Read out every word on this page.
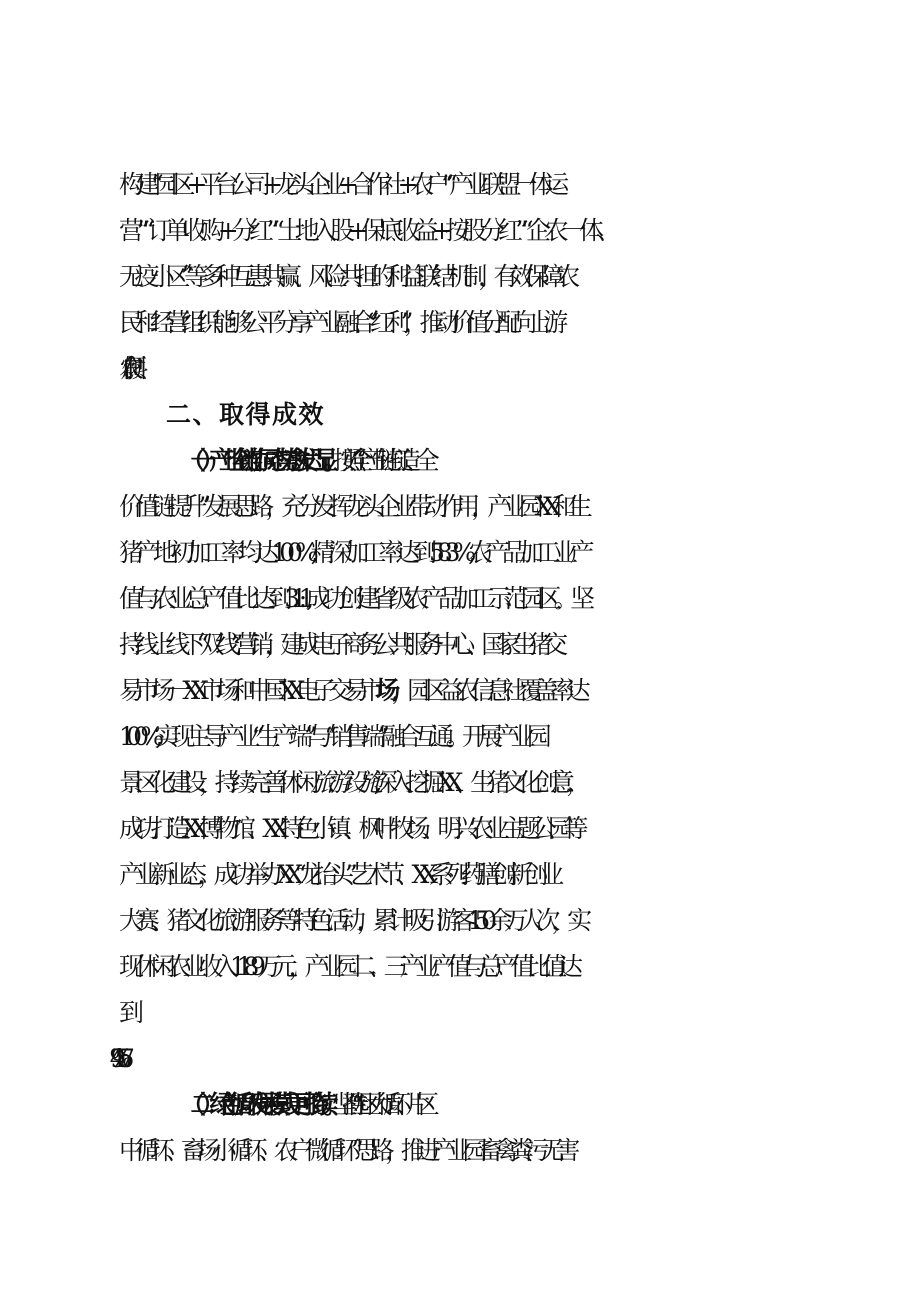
构建“园区+平台公司+龙头企业+合作社+农户”“产业联盟一体运
营”“订单收购+分红”“土地入股+保底收益+按股分红”“企农一体、
无疫小区”等多种互惠共赢、风险共担的利益联结机制，有效保障农
民和经营组织能够公平分享产业融合“红利”，推动价值分配向上游
农户倾斜。
二、取得成效
（一）产业全链协同态势愈发凸显。按照“全产业链打造、全
价值链提升”发展思路，充分发挥龙头企业带动作用，产业园XX和生
猪产地初加工率均达100%,精深加工率达到58.3%,农产品加工业产
值与农业总产值比达到3.1:1,成功创建省级农产品加工示范园区。坚
持线上线下“双线”营销，建成电子商务公共服务中心、国家生猪交
易市场一XX市场和中国XX电子交易市场，园区益农信息社覆盖率达
100%,实现主导产业“生产端”与“销售端”融合互通。开展产业园
景区化建设，持续完善休闲旅游设施,深入挖掘XX、生猪文化创意，
成功打造XX博物馆、XX特色小镇、枫叶牧场、明兴农业主题公园等
产业新业态，成功举办XX“龙抬头”艺术节、XX系列药膳创新创业
大赛、猪文化旅游服务等特色活动，累计吸引游客150余万人次，实
现休闲农业收入1189万元，产业园二、三产业产值与总产值比值达
到
（二）绿色循环发展模式更可持续。坚持“园区大循环、片区
中循环、畜场小循环、农户微循环”思路，推进产业园畜禽粪污无害
